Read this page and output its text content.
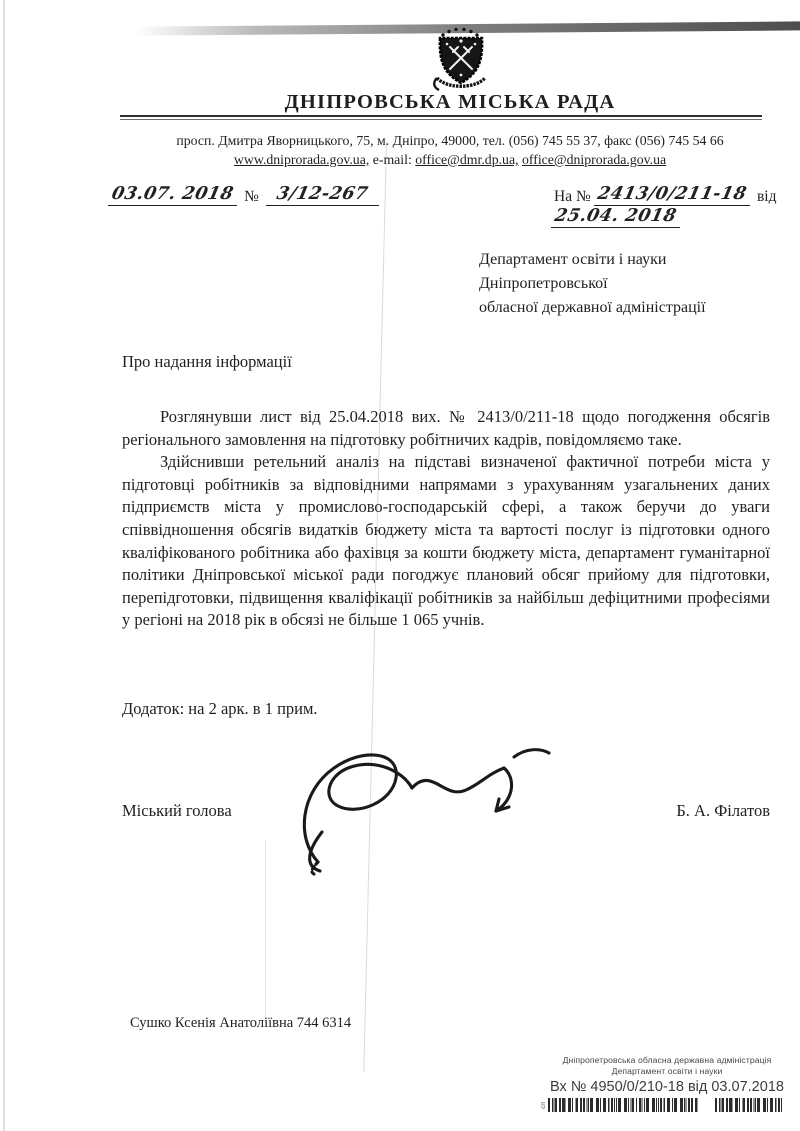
ДНІПРОВСЬКА МІСЬКА РАДА
просп. Дмитра Яворницького, 75, м. Дніпро, 49000, тел. (056) 745 55 37, факс (056) 745 54 66
www.dniprorada.gov.ua, e-mail: office@dmr.dp.ua, office@dniprorada.gov.ua
03.07. 2018 № 3/12-267	На № 2413/0/211-18 від 25.04. 2018
Департамент освіти і науки
Дніпропетровської
обласної державної адміністрації
Про надання інформації

Розглянувши лист від 25.04.2018 вих. № 2413/0/211-18 щодо погодження обсягів регіонального замовлення на підготовку робітничих кадрів, повідомляємо таке.

Здійснивши ретельний аналіз на підставі визначеної фактичної потреби міста у підготовці робітників за відповідними напрямами з урахуванням узагальнених даних підприємств міста у промислово-господарській сфері, а також беручи до уваги співвідношення обсягів видатків бюджету міста та вартості послуг із підготовки одного кваліфікованого робітника або фахівця за кошти бюджету міста, департамент гуманітарної політики Дніпровської міської ради погоджує плановий обсяг прийому для підготовки, перепідготовки, підвищення кваліфікації робітників за найбільш дефіцитними професіями у регіоні на 2018 рік в обсязі не більше 1 065 учнів.

Додаток: на 2 арк. в 1 прим.
Міський голова	Б. А. Філатов
Сушко Ксенія Анатоліївна 744 6314
Дніпропетровська обласна державна адміністрація
Департамент освіти і науки
Вх № 4950/0/210-18 від 03.07.2018
сп
